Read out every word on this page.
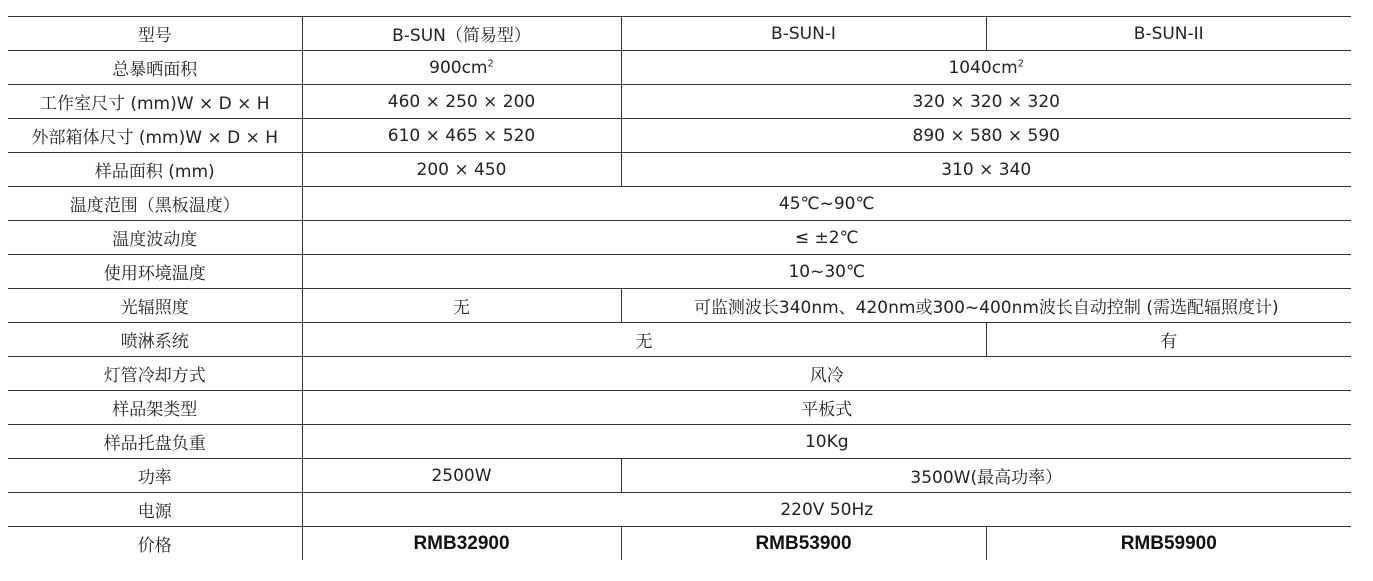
型号	B-SUN（简易型）	B-SUN-I	B-SUN-II
总暴晒面积	$900cm^2$	$1040cm^2$
工作室尺寸 (mm)W × D × H	460 × 250 × 200	320 × 320 × 320	
外部箱体尺寸 (mm)W × D × H	610 × 465 × 520	890 × 580 × 590	
样品面积 (mm)	200 × 450	310 × 340	
温度范围（黑板温度）	45℃~90℃		
温度波动度	≤ ±2℃		
使用环境温度	10~30℃		
光辐照度	无	可监测波长340nm、420nm或300~400nm波长自动控制 (需选配辐照度计)	
喷淋系统	无		有
灯管冷却方式	风冷		
样品架类型	平板式		
样品托盘负重	10Kg		
功率	2500W	3500W(最高功率）	
电源	220V 50Hz		
价格	RMB32900	RMB53900	RMB59900
